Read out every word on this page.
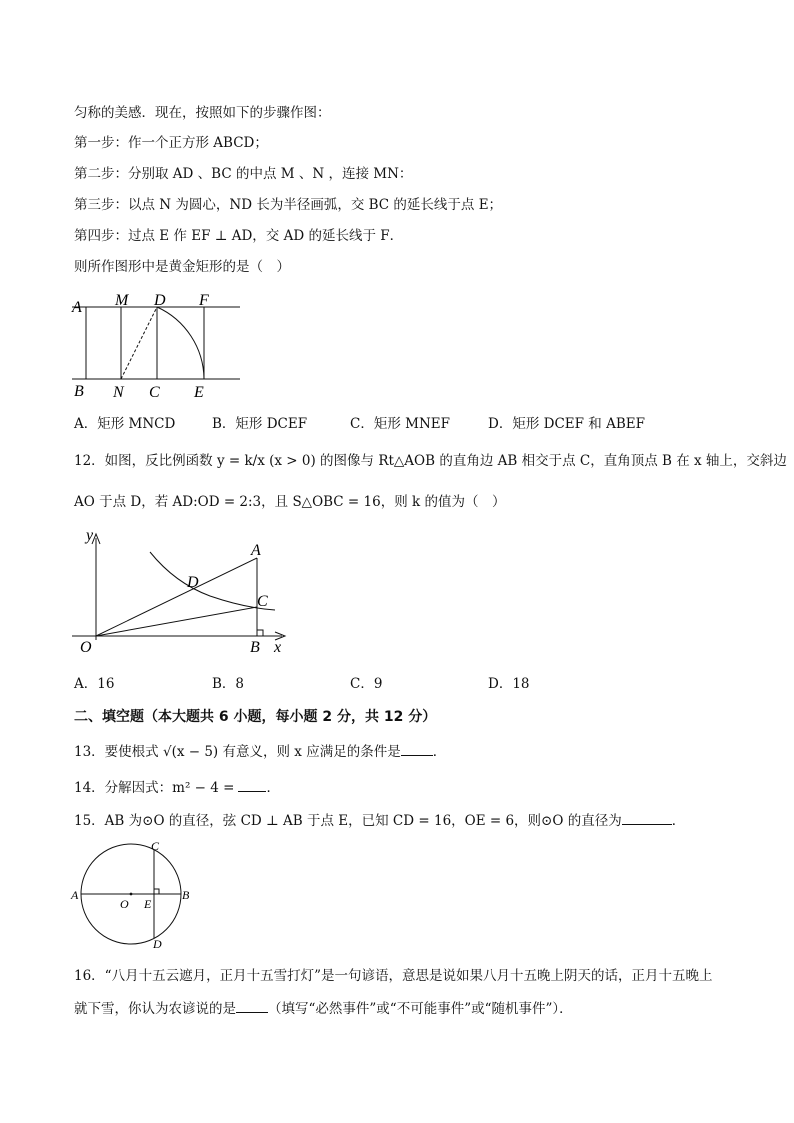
匀称的美感．现在，按照如下的步骤作图：
第一步：作一个正方形 ABCD；
第二步：分别取 AD 、BC 的中点 M 、N ，连接 MN：
第三步：以点 N 为圆心，ND 长为半径画弧，交 BC 的延长线于点 E；
第四步：过点 E 作 EF ⊥ AD，交 AD 的延长线于 F．
则所作图形中是黄金矩形的是（　）
A M D F
B N C E
A．矩形 MNCD	B．矩形 DCEF	C．矩形 MNEF	D．矩形 DCEF 和 ABEF
12．如图，反比例函数 y = k/x (x > 0) 的图像与 Rt△AOB 的直角边 AB 相交于点 C，直角顶点 B 在 x 轴上，交斜边
AO 于点 D，若 AD:OD = 2:3，且 S△OBC = 16，则 k 的值为（　）
y
A
D
C
O	B x
A．16	B．8	C．9	D．18
二、填空题（本大题共 6 小题，每小题 2 分，共 12 分）
13．要使根式 √(x − 5) 有意义，则 x 应满足的条件是 ．
14．分解因式：m² − 4 = ．
15．AB 为⊙O 的直径，弦 CD ⊥ AB 于点 E，已知 CD = 16，OE = 6，则⊙O 的直径为	．
C
A
O E
B
D
16．“八月十五云遮月，正月十五雪打灯”是一句谚语，意思是说如果八月十五晚上阴天的话，正月十五晚上
就下雪，你认为农谚说的是 （填写“必然事件”或“不可能事件”或“随机事件”）．
